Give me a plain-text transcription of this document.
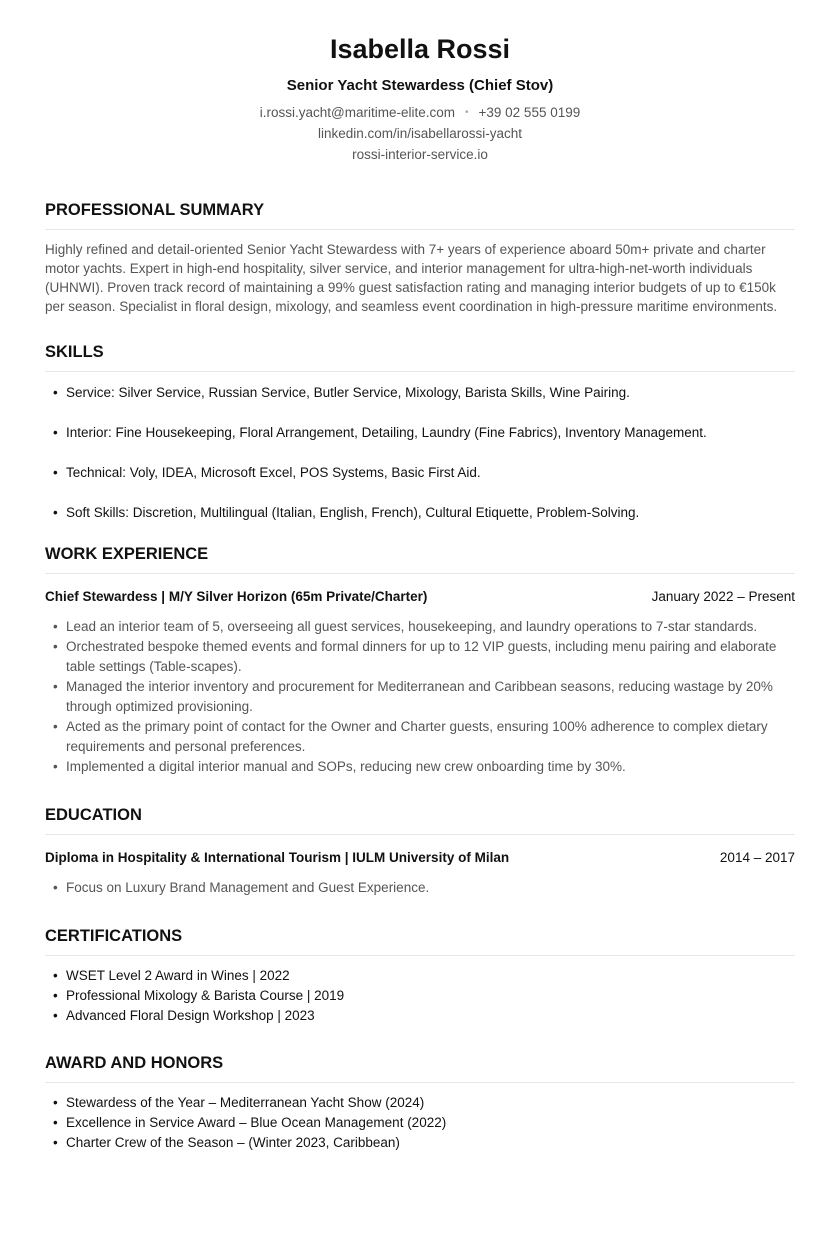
Isabella Rossi
Senior Yacht Stewardess (Chief Stov)
i.rossi.yacht@maritime-elite.com • +39 02 555 0199
linkedin.com/in/isabellarossi-yacht
rossi-interior-service.io
PROFESSIONAL SUMMARY

Highly refined and detail-oriented Senior Yacht Stewardess with 7+ years of experience aboard 50m+ private and charter motor yachts. Expert in high-end hospitality, silver service, and interior management for ultra-high-net-worth individuals (UHNWI). Proven track record of maintaining a 99% guest satisfaction rating and managing interior budgets of up to €150k per season. Specialist in floral design, mixology, and seamless event coordination in high-pressure maritime environments.

SKILLS
• Service: Silver Service, Russian Service, Butler Service, Mixology, Barista Skills, Wine Pairing.
• Interior: Fine Housekeeping, Floral Arrangement, Detailing, Laundry (Fine Fabrics), Inventory Management.
• Technical: Voly, IDEA, Microsoft Excel, POS Systems, Basic First Aid.
• Soft Skills: Discretion, Multilingual (Italian, English, French), Cultural Etiquette, Problem-Solving.
WORK EXPERIENCE
Chief Stewardess | M/Y Silver Horizon (65m Private/Charter)	January 2022 – Present
• Lead an interior team of 5, overseeing all guest services, housekeeping, and laundry operations to 7-star standards.
• Orchestrated bespoke themed events and formal dinners for up to 12 VIP guests, including menu pairing and elaborate table settings (Table-scapes).
• Managed the interior inventory and procurement for Mediterranean and Caribbean seasons, reducing wastage by 20% through optimized provisioning.
• Acted as the primary point of contact for the Owner and Charter guests, ensuring 100% adherence to complex dietary requirements and personal preferences.
• Implemented a digital interior manual and SOPs, reducing new crew onboarding time by 30%.
EDUCATION
Diploma in Hospitality & International Tourism | IULM University of Milan	2014 – 2017
• Focus on Luxury Brand Management and Guest Experience.
CERTIFICATIONS
• WSET Level 2 Award in Wines | 2022
• Professional Mixology & Barista Course | 2019
• Advanced Floral Design Workshop | 2023
AWARD AND HONORS
• Stewardess of the Year – Mediterranean Yacht Show (2024)
• Excellence in Service Award – Blue Ocean Management (2022)
• Charter Crew of the Season – (Winter 2023, Caribbean)
